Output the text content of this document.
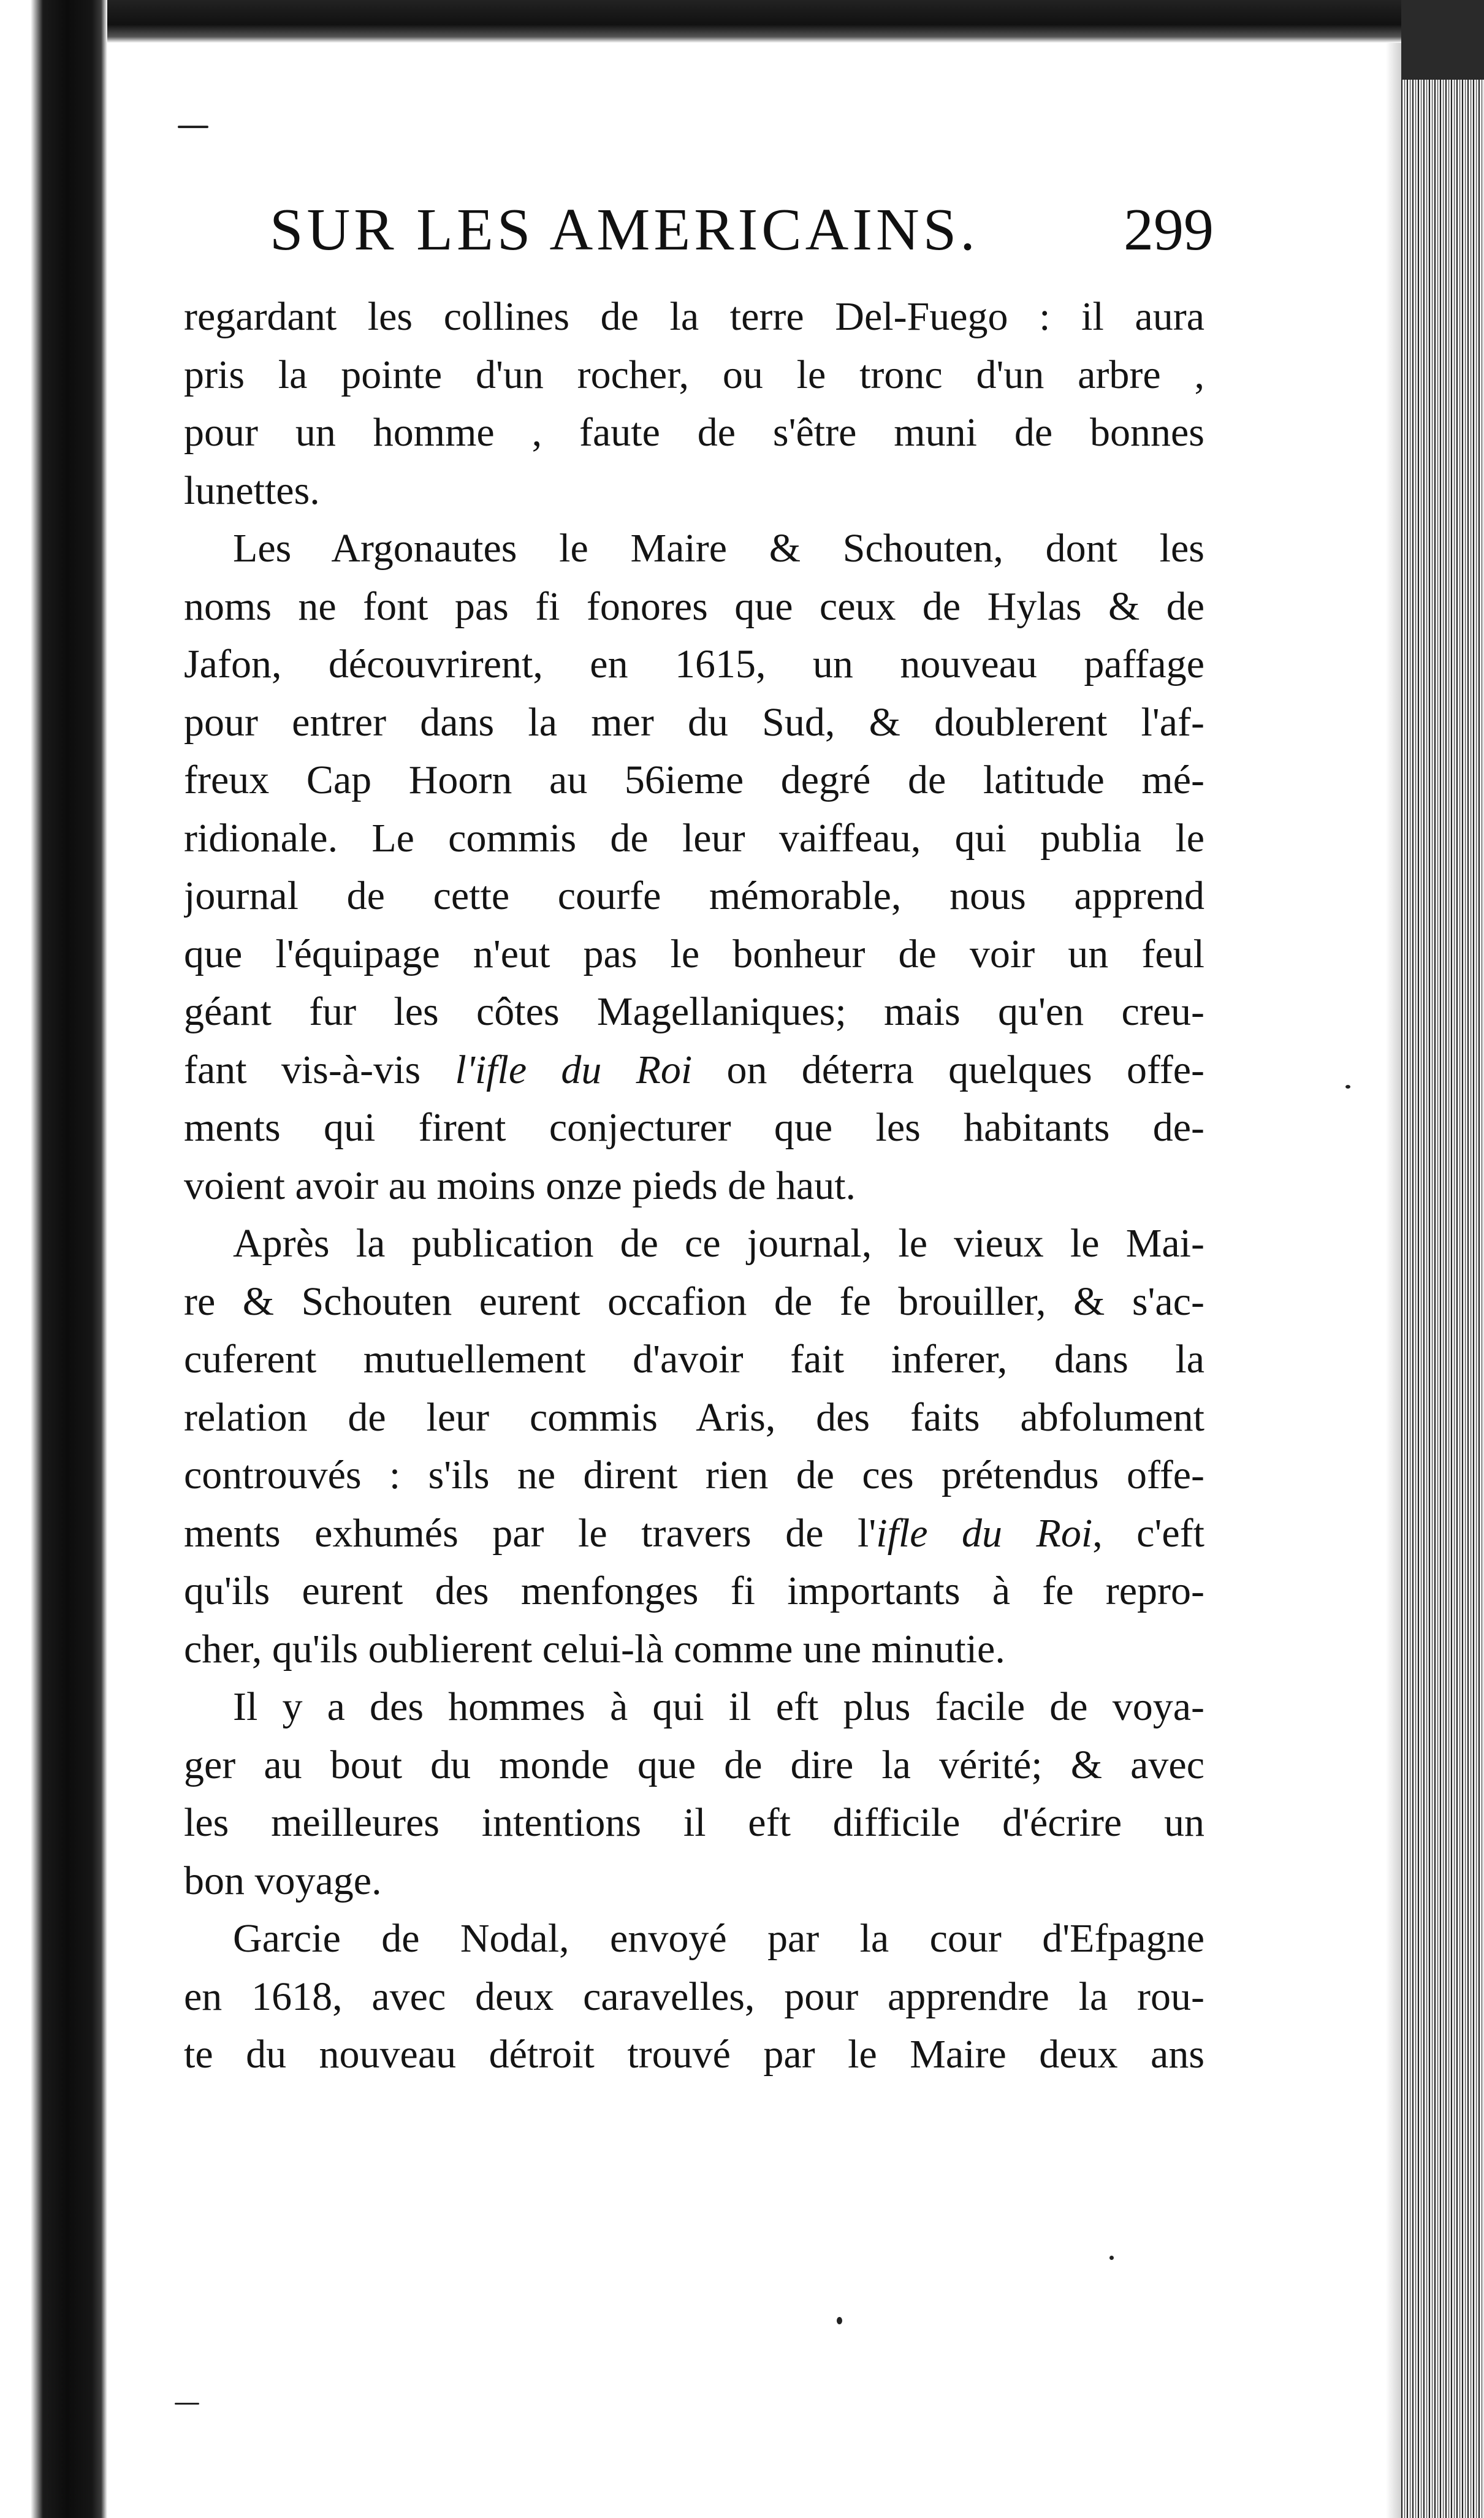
SUR LES AMERICAINS. 299
regardant les collines de la terre Del-Fuego : il aura
pris la pointe d'un rocher, ou le tronc d'un arbre ,
pour un homme , faute de s'être muni de bonnes
lunettes.
Les Argonautes le Maire & Schouten, dont les
noms ne font pas fi fonores que ceux de Hylas & de
Jafon, découvrirent, en 1615, un nouveau paffage
pour entrer dans la mer du Sud, & doublerent l'af-
freux Cap Hoorn au 56ieme degré de latitude mé-
ridionale. Le commis de leur vaiffeau, qui publia le
journal de cette courfe mémorable, nous apprend
que l'équipage n'eut pas le bonheur de voir un feul
géant fur les côtes Magellaniques; mais qu'en creu-
fant vis-à-vis l'ifle du Roi on déterra quelques offe-
ments qui firent conjecturer que les habitants de-
voient avoir au moins onze pieds de haut.
Après la publication de ce journal, le vieux le Mai-
re & Schouten eurent occafion de fe brouiller, & s'ac-
cuferent mutuellement d'avoir fait inferer, dans la
relation de leur commis Aris, des faits abfolument
controuvés : s'ils ne dirent rien de ces prétendus offe-
ments exhumés par le travers de l'ifle du Roi, c'eft
qu'ils eurent des menfonges fi importants à fe repro-
cher, qu'ils oublierent celui-là comme une minutie.
Il y a des hommes à qui il eft plus facile de voya-
ger au bout du monde que de dire la vérité; & avec
les meilleures intentions il eft difficile d'écrire un
bon voyage.
Garcie de Nodal, envoyé par la cour d'Efpagne
en 1618, avec deux caravelles, pour apprendre la rou-
te du nouveau détroit trouvé par le Maire deux ans
